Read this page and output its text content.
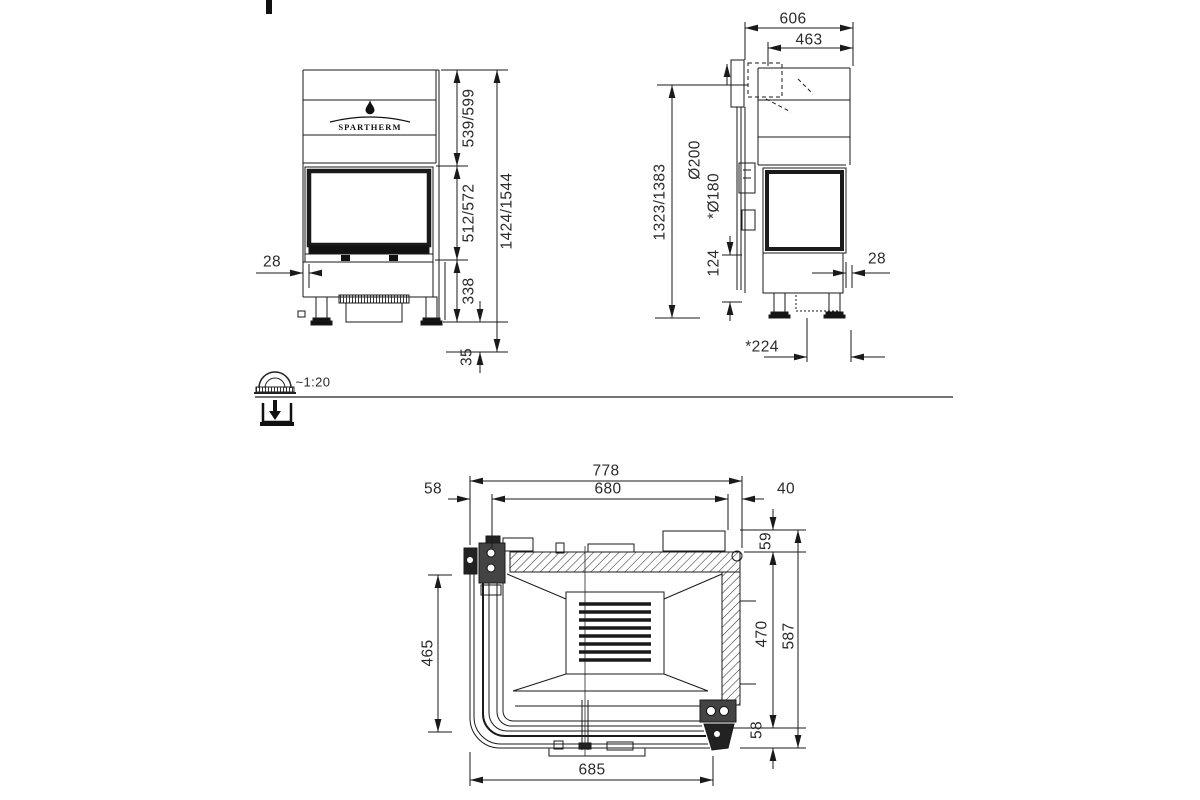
SPARTHERM
28
539/599
512/572
338
35
1424/1544
606
463
Ø200
*Ø180
1323/1383
124	28
*224
778
680
58	40
59
470 587
58
465
685
~1:20
